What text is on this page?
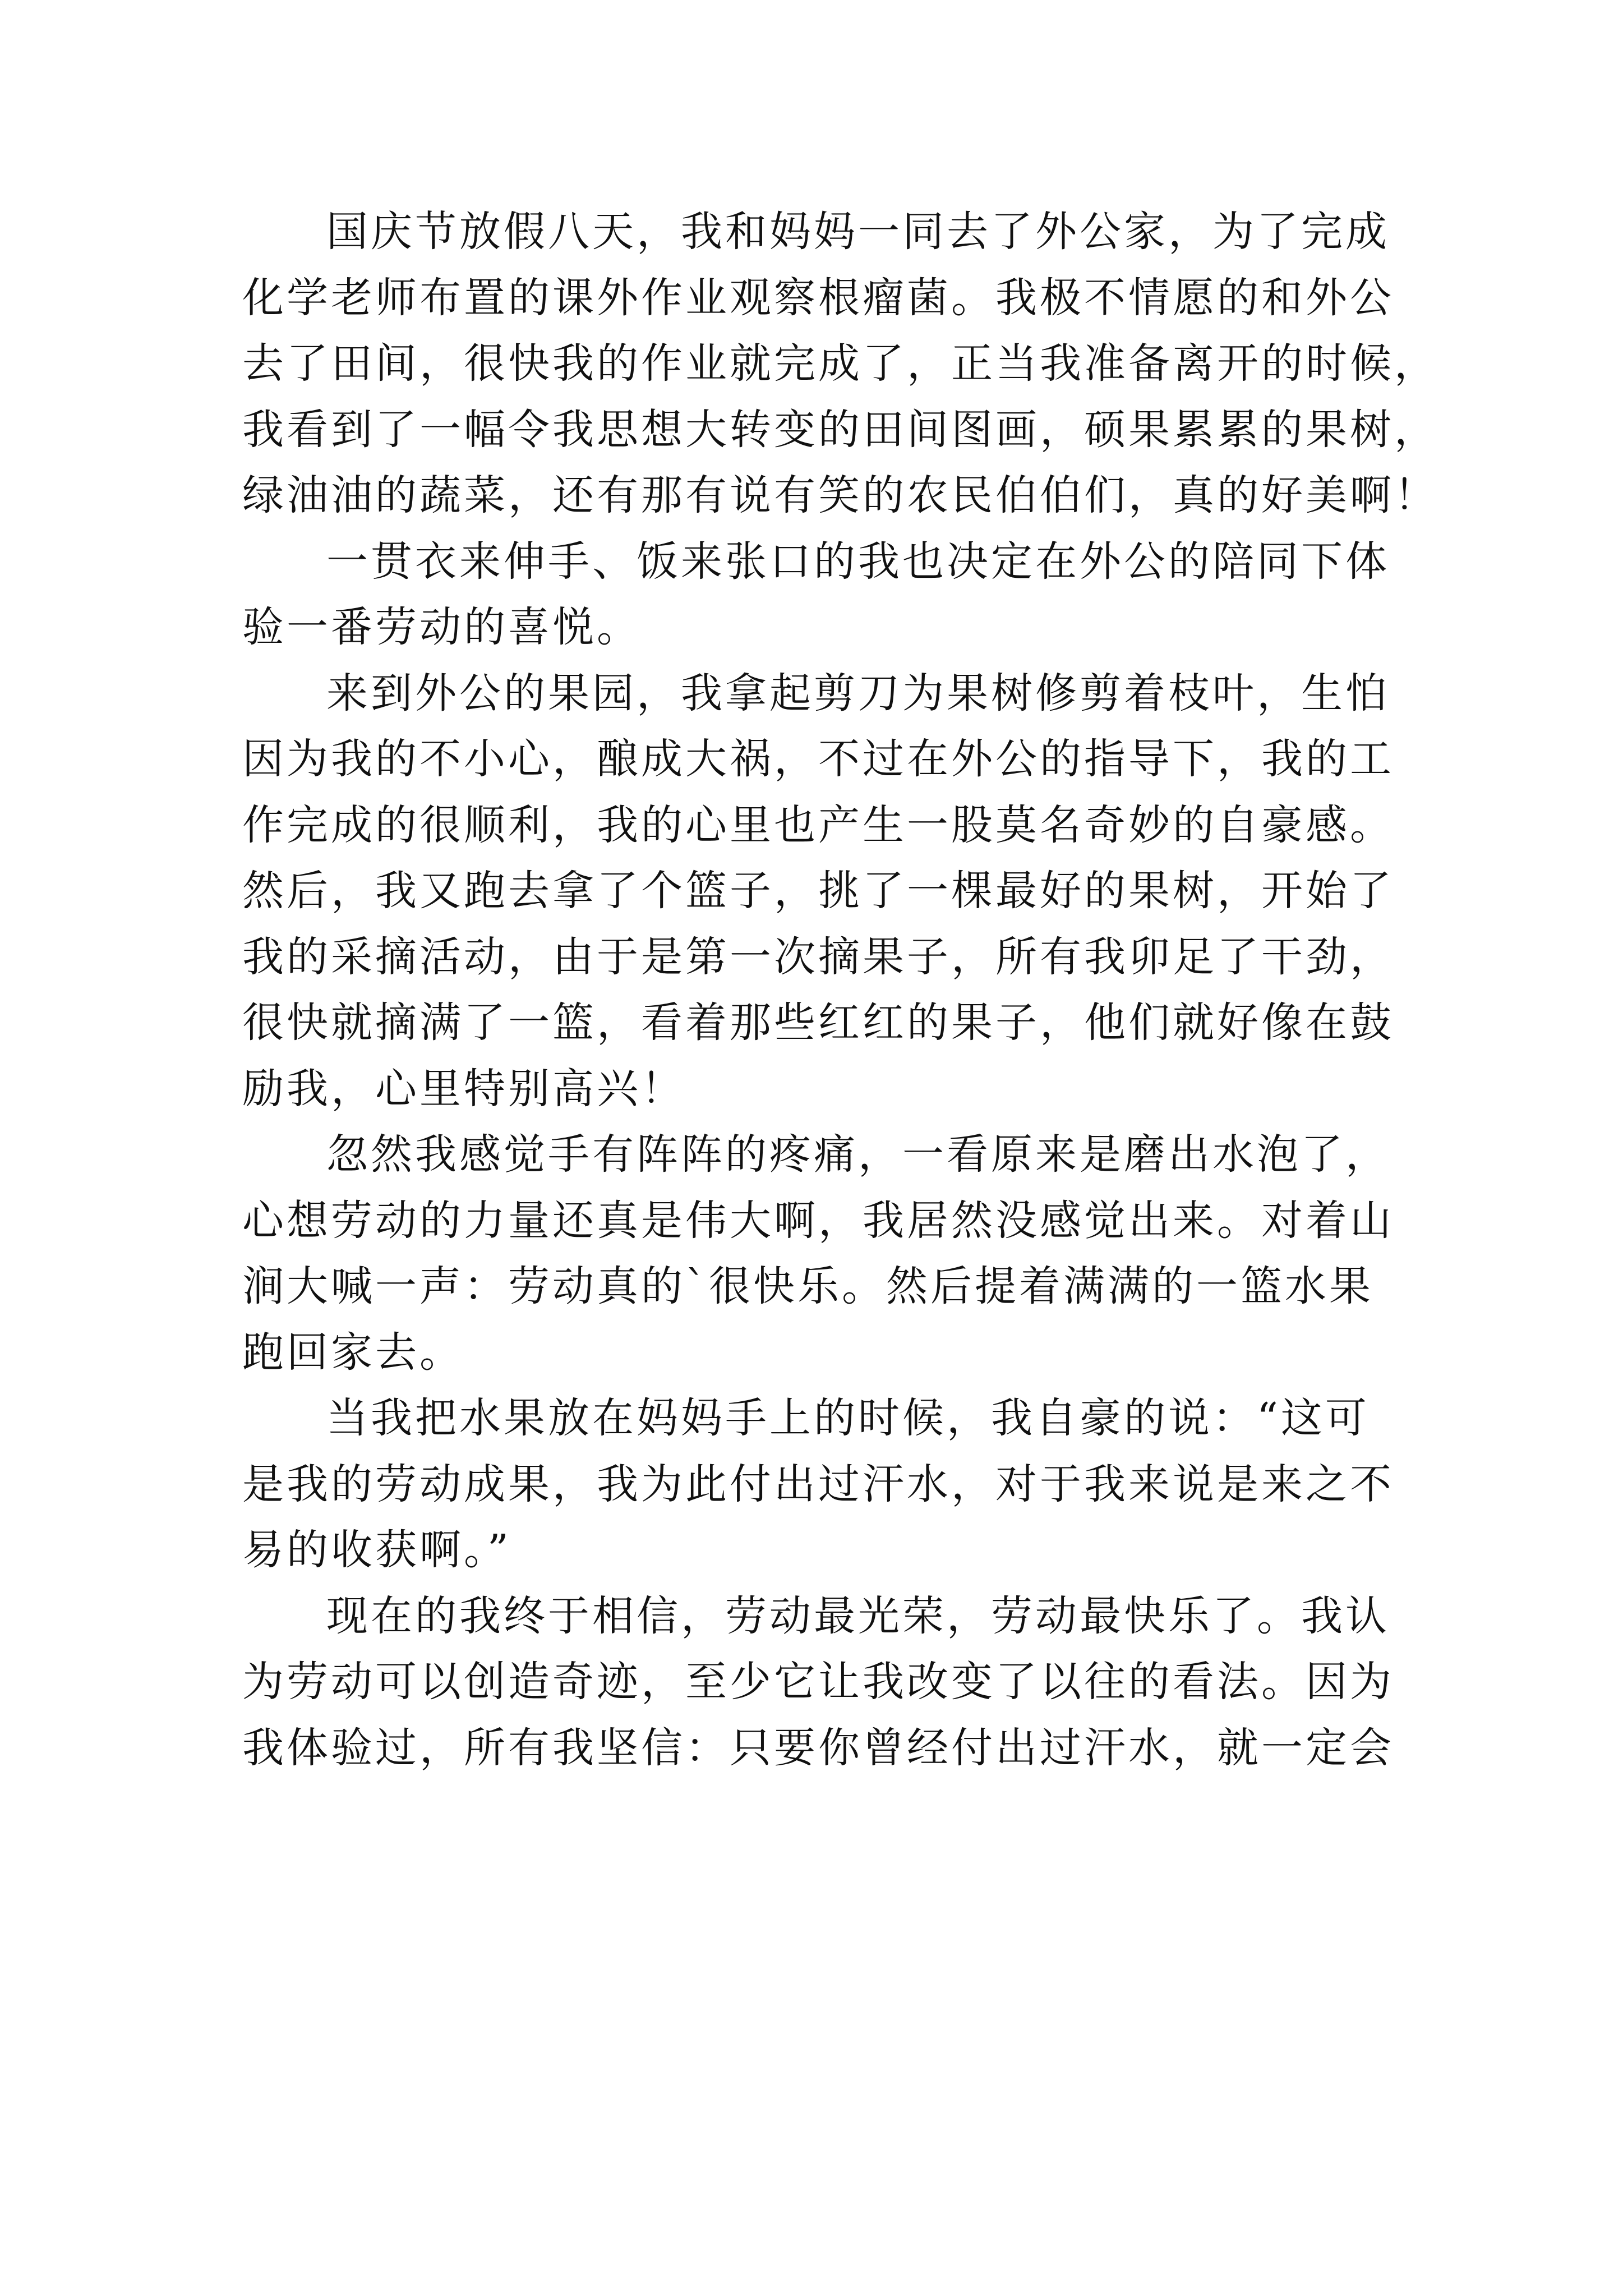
国庆节放假八天，我和妈妈一同去了外公家，为了完成
化学老师布置的课外作业观察根瘤菌。我极不情愿的和外公
去了田间，很快我的作业就完成了，正当我准备离开的时候，
我看到了一幅令我思想大转变的田间图画，硕果累累的果树，
绿油油的蔬菜，还有那有说有笑的农民伯伯们，真的好美啊！
一贯衣来伸手、饭来张口的我也决定在外公的陪同下体
验一番劳动的喜悦。
来到外公的果园，我拿起剪刀为果树修剪着枝叶，生怕
因为我的不小心，酿成大祸，不过在外公的指导下，我的工
作完成的很顺利，我的心里也产生一股莫名奇妙的自豪感。
然后，我又跑去拿了个篮子，挑了一棵最好的果树，开始了
我的采摘活动，由于是第一次摘果子，所有我卯足了干劲，
很快就摘满了一篮，看着那些红红的果子，他们就好像在鼓
励我，心里特别高兴！
忽然我感觉手有阵阵的疼痛，一看原来是磨出水泡了，
心想劳动的力量还真是伟大啊，我居然没感觉出来。对着山
涧大喊一声：劳动真的`很快乐。然后提着满满的一篮水果
跑回家去。
当我把水果放在妈妈手上的时候，我自豪的说：“这可
是我的劳动成果，我为此付出过汗水，对于我来说是来之不
易的收获啊。”
现在的我终于相信，劳动最光荣，劳动最快乐了。我认
为劳动可以创造奇迹，至少它让我改变了以往的看法。因为
我体验过，所有我坚信：只要你曾经付出过汗水，就一定会
